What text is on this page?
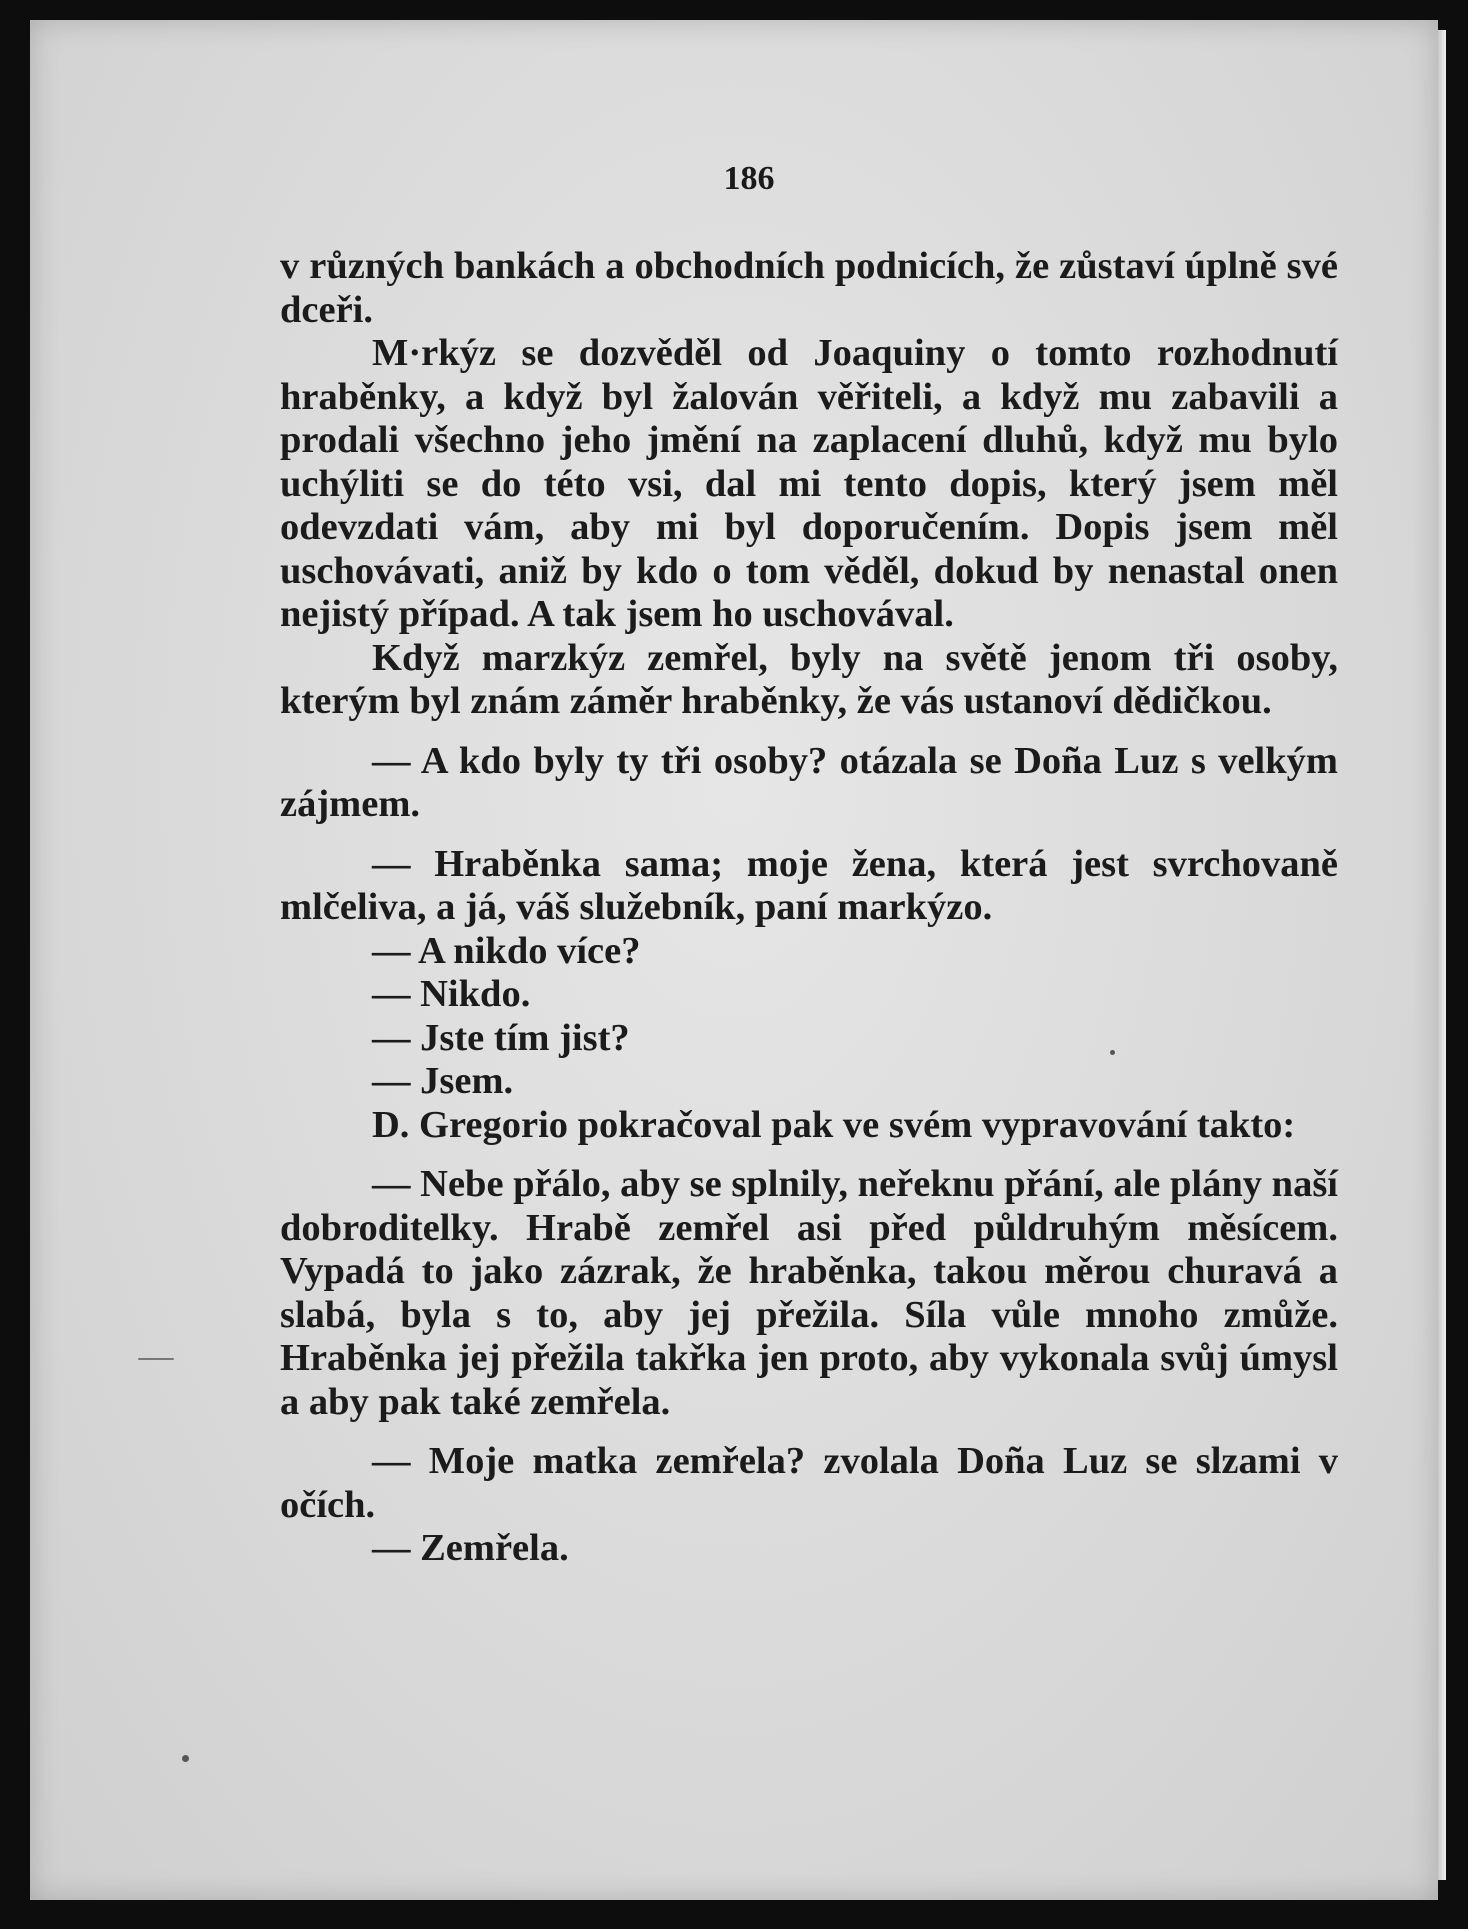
186

v různých bankách a obchodních podnicích, že zůstaví úplně své dceři.

M·rkýz se dozvěděl od Joaquiny o tomto rozhodnutí hraběnky, a když byl žalován věřiteli, a když mu zabavili a prodali všechno jeho jmění na zaplacení dluhů, když mu bylo uchýliti se do této vsi, dal mi tento dopis, který jsem měl odevzdati vám, aby mi byl doporučením. Dopis jsem měl uschovávati, aniž by kdo o tom věděl, dokud by nenastal onen nejistý případ. A tak jsem ho uschovával.

Když marzkýz zemřel, byly na světě jenom tři osoby, kterým byl znám záměr hraběnky, že vás ustanoví dědičkou.

— A kdo byly ty tři osoby? otázala se Doña Luz s velkým zájmem.

— Hraběnka sama; moje žena, která jest svrchovaně mlčeliva, a já, váš služebník, paní markýzo.

— A nikdo více?

— Nikdo.

— Jste tím jist?

— Jsem.

D. Gregorio pokračoval pak ve svém vypravování takto:

— Nebe přálo, aby se splnily, neřeknu přání, ale plány naší dobroditelky. Hrabě zemřel asi před půldruhým měsícem. Vypadá to jako zázrak, že hraběnka, takou měrou churavá a slabá, byla s to, aby jej přežila. Síla vůle mnoho zmůže. Hraběnka jej přežila takřka jen proto, aby vykonala svůj úmysl a aby pak také zemřela.

— Moje matka zemřela? zvolala Doña Luz se slzami v očích.

— Zemřela.
